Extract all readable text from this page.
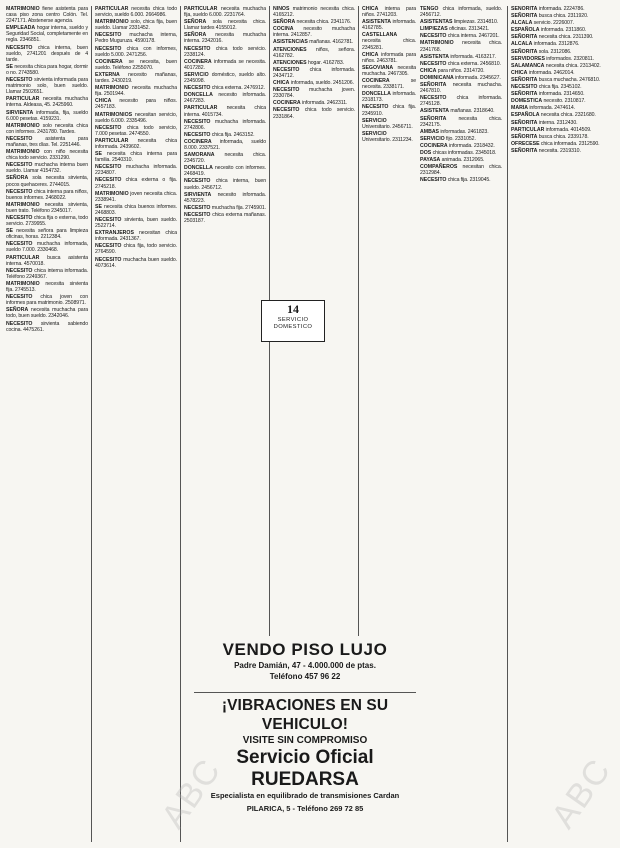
MATRIMONIO fiene asistenta para casa piso zona centro Colón. Tel. 2247171. Abstenerse agencia.

EMPLEADA hogar interna, sueldo y Seguridad Social, completamente en regla. 2346851.

NECESITO chica interna, buen sueldo, 2741201 después de 4 tarde.

SE necesita chica para hogar, dormir o no. 2743580.

NECESITO sirvienta informada para matrimonio solo, buen sueldo. Llamar 2502651.

PARTICULAR necesita muchacha interna. Aldeasa, 45. 2425960.

SIRVIENTA informada, fija, sueldo 6.000 pesetas. 4159231.

MATRIMONIO solo necesita chica con informes. 2431780. Tardes.

NECESITO asistenta para mañanas, tres días. Tel. 2251446.

MATRIMONIO con niño necesita chica todo servicio. 2331290.

NECESITO muchacha interna buen sueldo. Llamar 4154732.

SEÑORA sola necesita sirvienta, pocos quehaceres. 2744015.

NECESITO chica interna para niños, buenos informes. 2468022.

MATRIMONIO necesita sirvienta, buen trato. Teléfono 2345017.

NECESITO chica fija o externa, todo servicio. 2739955.

SE necesita señora para limpieza oficinas, horas. 2212384.

NECESITO muchacha informada, sueldo 7.000. 2330468.

PARTICULAR busca asistenta interna. 4570018.

NECESITO chica interna informada. Teléfono 2249367.

MATRIMONIO necesita sirvienta fija. 2745513.

NECESITO chica joven con informes para matrimonio. 2508971.

SEÑORA necesita muchacha para todo, buen sueldo. 2342046.

NECESITO sirvienta sabiendo cocina. 4475261.

PARTICULAR necesita chica todo servicio, sueldo 6.000. 2664986.

MATRIMONIO solo, chica fija, buen sueldo. Llamar 2331452.

NECESITO muchacha interna, Pedro Muguruza. 4590178.

NECESITO chica con informes, sueldo 5.000. 2471256.

COCINERA se necesita, buen sueldo. Teléfono 2255070.

EXTERNA necesito mañanas, tardes. 2430219.

MATRIMONIO necesita muchacha fija. 2501944.

CHICA necesito para niños. 2457183.

MATRIMONIOS necesitan servicio, sueldo 6.000. 2335496.

NECESITO chica todo servicio, 7.000 pesetas. 2474550.

PARTICULAR necesita chica informada. 2439602.

SE necesita chica interna para familia. 2540310.

NECESITO muchacha informada. 2234807.

NECESITO chica externa o fija. 2745218.

MATRIMONIO joven necesita chica. 2338941.

SE necesita chica buenos informes. 2468803.

NECESITO sirvienta, buen sueldo. 2522714.

EXTRANJEROS necesitan chica informada. 2431367.

NECESITO chica fija, todo servicio. 2764590.

NECESITO muchacha buen sueldo. 4073614.

PARTICULAR necesita muchacha fija, sueldo 6.000. 2231764.

SEÑORA sola necesita chica. Llamar tardes 4155012.

SEÑORA necesita muchacha interna. 2342016.

NECESITO chica todo servicio. 2338124.

COCINERA informada se necesita. 4017282.

SERVICIO doméstico, sueldo alto. 2345098.

NECESITO chica externa. 2476912.

DONCELLA necesito informada. 2467283.

PARTICULAR necesita chica interna. 4015734.

NECESITO muchacha informada. 2742806.

NECESITO chica fija. 2463152.

COCINERA informada, sueldo 8.000. 2337521.

SAMORANA necesita chica. 2345720.

DONCELLA necesito con informes. 2468419.

NECESITO chica interna, buen sueldo. 2456712.

SIRVIENTA necesito informada. 4578223.

NECESITO muchacha fija. 2745901.

NECESITO chica externa mañanas. 2503187.

NIÑOS matrimonio necesita chica. 4165212.

SEÑORA necesita chica. 2341176.

COCINA necesito muchacha interna. 2412857.

ASISTENCIAS mañanas. 4162781.

ATENCIONES niños, señora. 4162782.

ATENCIONES hogar. 4162783.

NECESITO chica informada. 2434712.

CHICA informada, sueldo. 2451206.

NECESITO muchacha joven. 2330784.

COCINERA informada. 2462311.

NECESITO chica todo servicio. 2331864.

TENGO chica informada, sueldo. 2456712.

ASISTENTAS limpiezas. 2314810.

LIMPIEZAS oficinas. 2313421.

NECESITO chica interna. 2467201.

MATRIMONIO necesita chica. 2341768.

ASISTENTA informada. 4163217.

NECESITO chica externa. 2456810.

CHICA para niños. 2314720.

DOMINICANA informada. 2345627.

SEÑORITA necesita muchacha. 2467810.

NECESITO chica informada. 2745128.

ASISTENTA mañanas. 2318640.

SEÑORITA necesita chica. 2342175.

AMBAS informadas. 2461823.

SERVICIO fijo. 2331052.

COCINERA informada. 2318432.

DOS chicas informadas. 2345018.

PAYASA animada. 2312065.

COMPAÑEROS necesitan chica. 2312984.

NECESITO chica fija. 2319045.

SEÑORITA informada. 2224786.

SEÑORITA busca chica. 2311920.

ALCALA servicio. 2226007.

ESPAÑOLA informada. 2311860.

SEÑORITA necesita chica. 2311390.

ALCALA informada. 2312876.

SEÑORITA sola. 2312086.

SERVIDORES informados. 2320811.

SALAMANCA necesita chica. 2313402.

CHICA informada. 2462014.

SEÑORITA busca muchacha. 2476810.

NECESITO chica fija. 2345102.

SEÑORITA informada. 2314650.

DOMESTICA necesito. 2310817.

MARIA informada. 2474614.

ESPAÑOLA necesita chica. 2321680.

SEÑORITA interna. 2312430.

PARTICULAR informada. 4014509.

SEÑORITA busca chica. 2339178.

OFRECESE chica informada. 2312590.

SEÑORITA necesita. 2319310.

CHICA interna para niños. 2741203.

ASISTENTA informada. 4162785.

CASTELLANA necesita chica. 2345281.

CHICA informada para niños. 2463781.

SEGOVIANA necesita muchacha. 2467305.

COCINERA se necesita. 2338171.

DONCELLA informada. 2318173.

NECESITO chica fija. 2345910.

SERVICIO Universitario. 2456711.

SERVICIO Universitario. 2311234.

14
SERVICIO
DOMESTICO
VENDO PISO LUJO
Padre Damián, 47 - 4.000.000 de ptas.
Teléfono 457 96 22
¡VIBRACIONES EN SU VEHICULO!
VISITE SIN COMPROMISO
Servicio Oficial RUEDARSA
Especialista en equilibrado de transmisiones Cardan
PILARICA, 5 - Teléfono 269 72 85
ABC	ABC
